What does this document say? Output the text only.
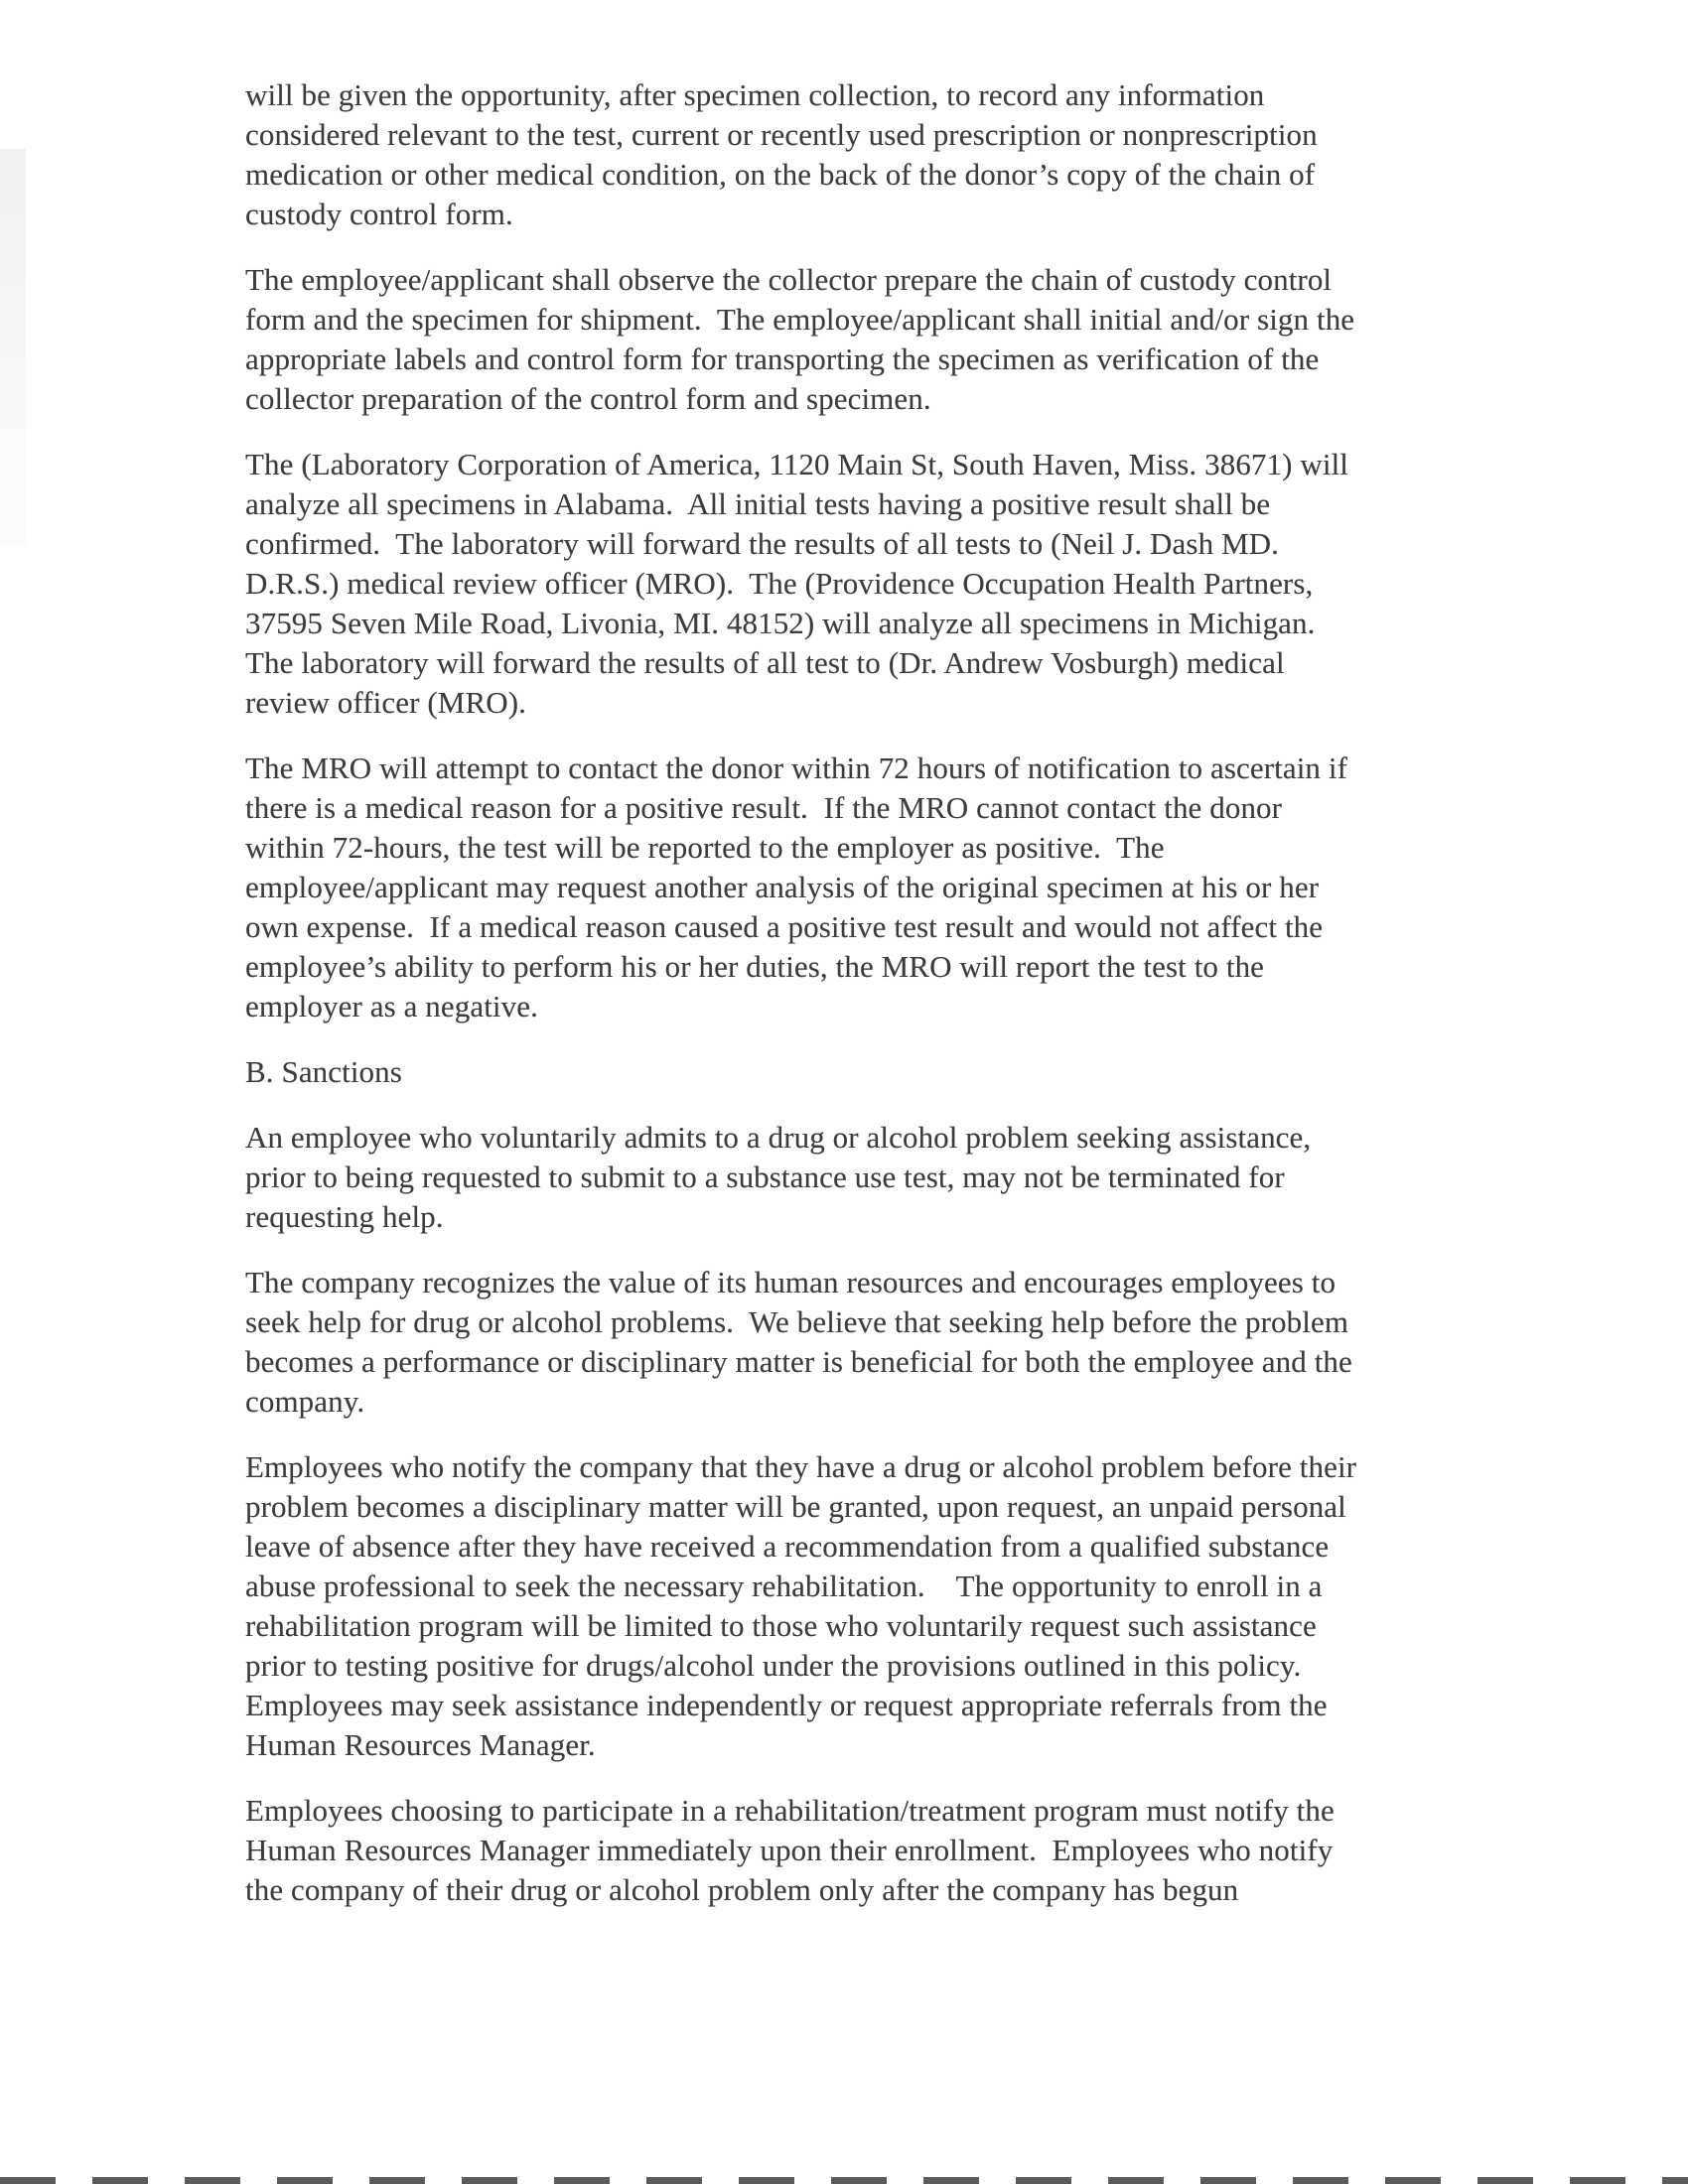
will be given the opportunity, after specimen collection, to record any information
considered relevant to the test, current or recently used prescription or nonprescription
medication or other medical condition, on the back of the donor’s copy of the chain of
custody control form.
The employee/applicant shall observe the collector prepare the chain of custody control
form and the specimen for shipment.  The employee/applicant shall initial and/or sign the
appropriate labels and control form for transporting the specimen as verification of the
collector preparation of the control form and specimen.
The (Laboratory Corporation of America, 1120 Main St, South Haven, Miss. 38671) will
analyze all specimens in Alabama.  All initial tests having a positive result shall be
confirmed.  The laboratory will forward the results of all tests to (Neil J. Dash MD.
D.R.S.) medical review officer (MRO).  The (Providence Occupation Health Partners,
37595 Seven Mile Road, Livonia, MI. 48152) will analyze all specimens in Michigan.
The laboratory will forward the results of all test to (Dr. Andrew Vosburgh) medical
review officer (MRO).
The MRO will attempt to contact the donor within 72 hours of notification to ascertain if
there is a medical reason for a positive result.  If the MRO cannot contact the donor
within 72-hours, the test will be reported to the employer as positive.  The
employee/applicant may request another analysis of the original specimen at his or her
own expense.  If a medical reason caused a positive test result and would not affect the
employee’s ability to perform his or her duties, the MRO will report the test to the
employer as a negative.
B. Sanctions
An employee who voluntarily admits to a drug or alcohol problem seeking assistance,
prior to being requested to submit to a substance use test, may not be terminated for
requesting help.
The company recognizes the value of its human resources and encourages employees to
seek help for drug or alcohol problems.  We believe that seeking help before the problem
becomes a performance or disciplinary matter is beneficial for both the employee and the
company.
Employees who notify the company that they have a drug or alcohol problem before their
problem becomes a disciplinary matter will be granted, upon request, an unpaid personal
leave of absence after they have received a recommendation from a qualified substance
abuse professional to seek the necessary rehabilitation.    The opportunity to enroll in a
rehabilitation program will be limited to those who voluntarily request such assistance
prior to testing positive for drugs/alcohol under the provisions outlined in this policy.
Employees may seek assistance independently or request appropriate referrals from the
Human Resources Manager.
Employees choosing to participate in a rehabilitation/treatment program must notify the
Human Resources Manager immediately upon their enrollment.  Employees who notify
the company of their drug or alcohol problem only after the company has begun
